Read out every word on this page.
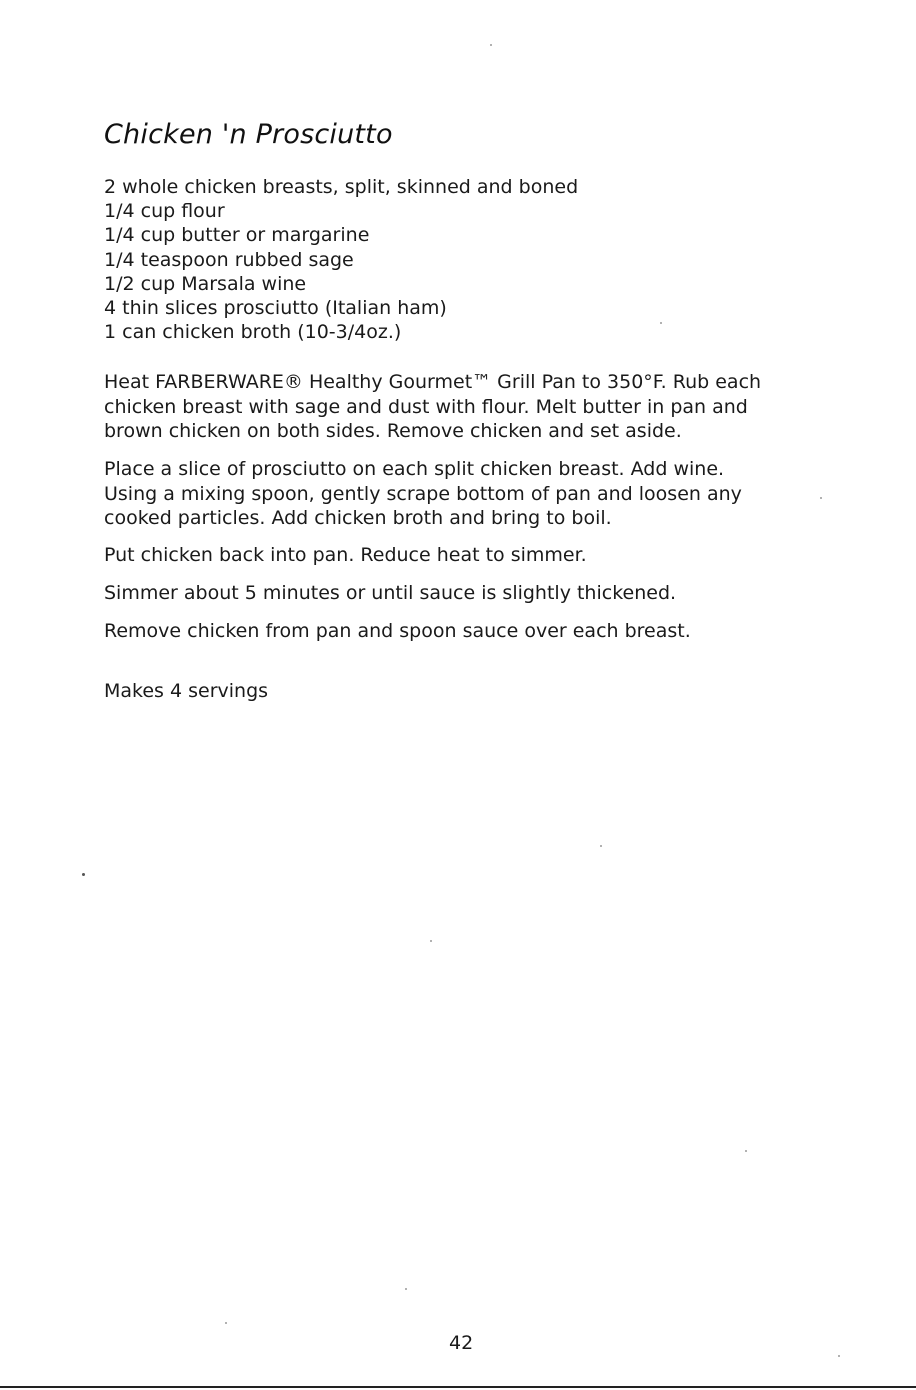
Chicken 'n Prosciutto
2 whole chicken breasts, split, skinned and boned
1/4 cup flour
1/4 cup butter or margarine
1/4 teaspoon rubbed sage
1/2 cup Marsala wine
4 thin slices prosciutto (Italian ham)
1 can chicken broth (10-3/4oz.)

Heat FARBERWARE® Healthy Gourmet™ Grill Pan to 350°F. Rub each
chicken breast with sage and dust with flour. Melt butter in pan and
brown chicken on both sides. Remove chicken and set aside.

Place a slice of prosciutto on each split chicken breast. Add wine.
Using a mixing spoon, gently scrape bottom of pan and loosen any
cooked particles. Add chicken broth and bring to boil.

Put chicken back into pan. Reduce heat to simmer.

Simmer about 5 minutes or until sauce is slightly thickened.

Remove chicken from pan and spoon sauce over each breast.

Makes 4 servings

42
